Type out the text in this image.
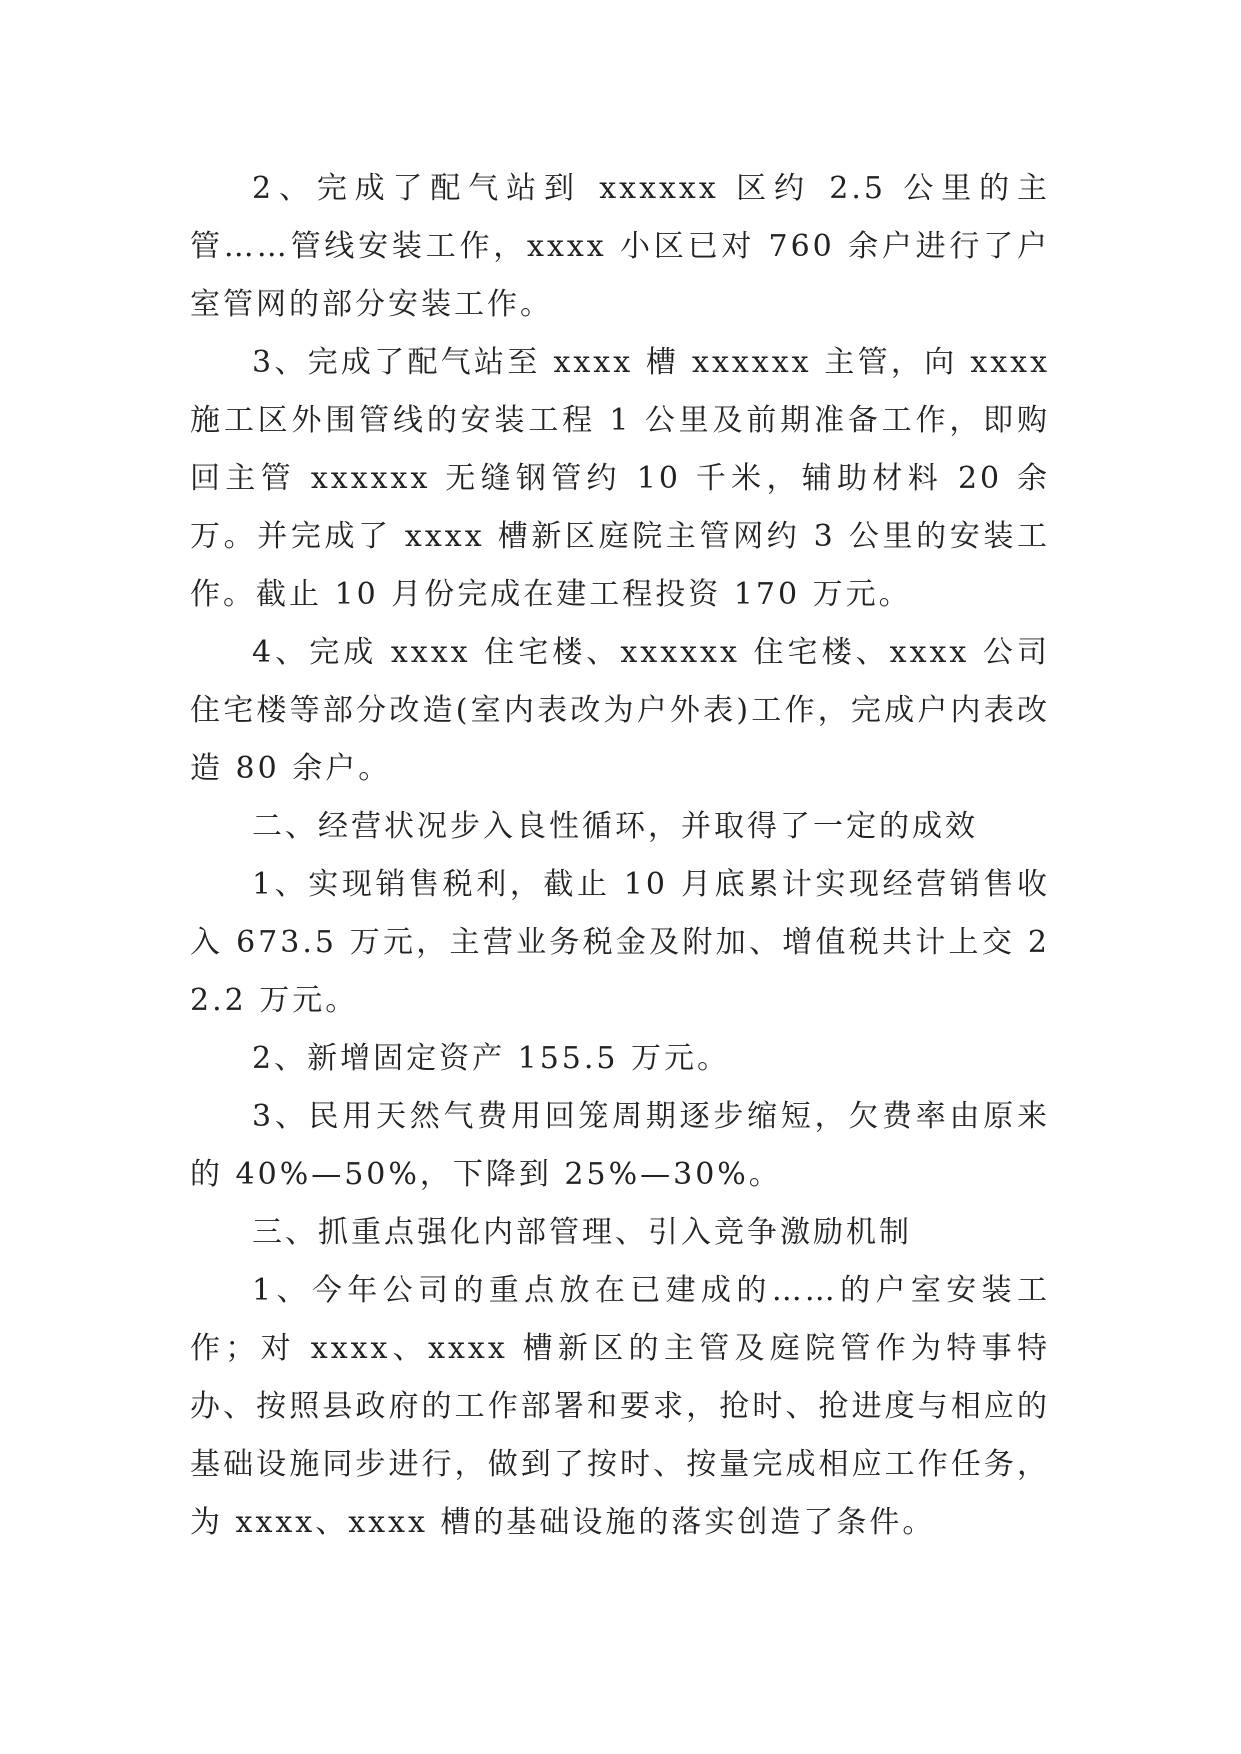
2、完成了配气站到 xxxxxx 区约 2.5 公里的主管……管线安装工作，xxxx 小区已对 760 余户进行了户室管网的部分安装工作。

3、完成了配气站至 xxxx 槽 xxxxxx 主管，向 xxxx 施工区外围管线的安装工程 1 公里及前期准备工作，即购回主管 xxxxxx 无缝钢管约 10 千米，辅助材料 20 余万。并完成了 xxxx 槽新区庭院主管网约 3 公里的安装工作。截止 10 月份完成在建工程投资 170 万元。

4、完成 xxxx 住宅楼、xxxxxx 住宅楼、xxxx 公司住宅楼等部分改造(室内表改为户外表)工作，完成户内表改造 80 余户。

二、经营状况步入良性循环，并取得了一定的成效

1、实现销售税利，截止 10 月底累计实现经营销售收入 673.5 万元，主营业务税金及附加、增值税共计上交 22.2 万元。

2、新增固定资产 155.5 万元。

3、民用天然气费用回笼周期逐步缩短，欠费率由原来的 40%—50%，下降到 25%—30%。

三、抓重点强化内部管理、引入竞争激励机制

1、今年公司的重点放在已建成的……的户室安装工作；对 xxxx、xxxx 槽新区的主管及庭院管作为特事特办、按照县政府的工作部署和要求，抢时、抢进度与相应的基础设施同步进行，做到了按时、按量完成相应工作任务，为 xxxx、xxxx 槽的基础设施的落实创造了条件。
